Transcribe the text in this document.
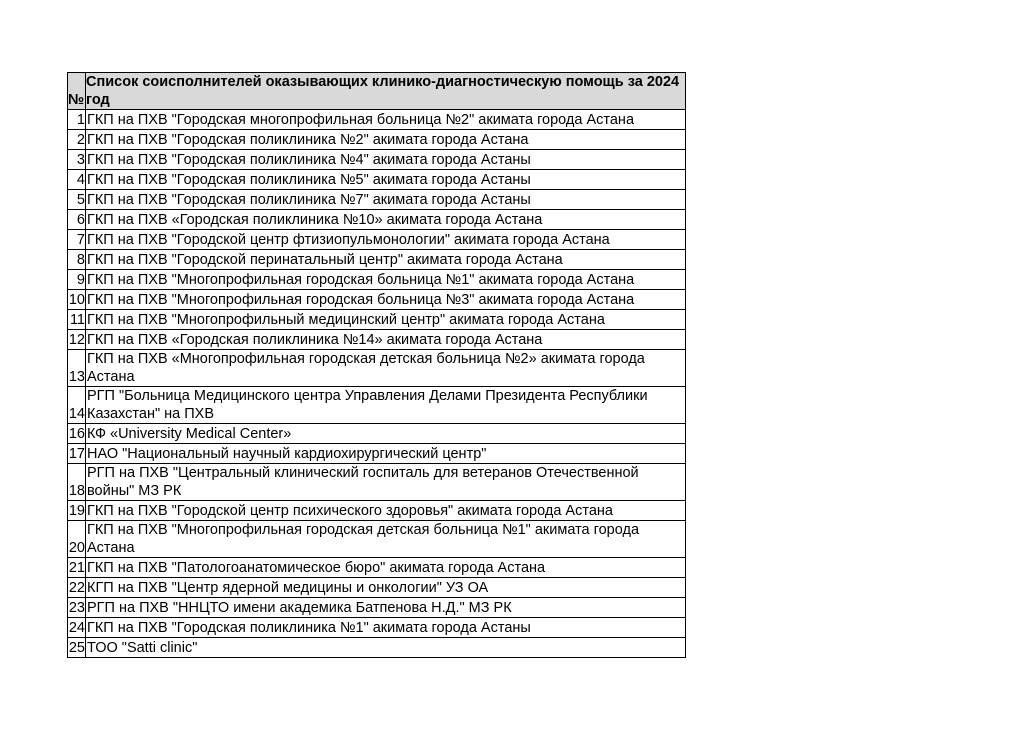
№	Список соисполнителей оказывающих клинико-диагностическую помощь за 2024 год
1	ГКП на ПХВ "Городская многопрофильная больница №2" акимата города Астана
2	ГКП на ПХВ "Городская поликлиника №2" акимата города Астана
3	ГКП на ПХВ "Городская поликлиника №4" акимата города Астаны
4	ГКП на ПХВ "Городская поликлиника №5" акимата города Астаны
5	ГКП на ПХВ "Городская поликлиника №7" акимата города Астаны
6	ГКП на ПХВ «Городская поликлиника №10» акимата города Астана
7	ГКП на ПХВ "Городской центр фтизиопульмонологии" акимата города Астана
8	ГКП на ПХВ "Городской перинатальный центр" акимата города Астана
9	ГКП на ПХВ "Многопрофильная городская больница №1" акимата города Астана
10	ГКП на ПХВ "Многопрофильная городская больница №3" акимата города Астана
11	ГКП на ПХВ "Многопрофильный медицинский центр" акимата города Астана
12	ГКП на ПХВ «Городская поликлиника №14» акимата города Астана
13	ГКП на ПХВ «Многопрофильная городская детская больница №2» акимата города Астана
14	РГП "Больница Медицинского центра Управления Делами Президента Республики Казахстан" на ПХВ
16	КФ «University Medical Center»
17	НАО "Национальный научный кардиохирургический центр"
18	РГП на ПХВ "Центральный клинический госпиталь для ветеранов Отечественной войны" МЗ РК
19	ГКП на ПХВ "Городской центр психического здоровья" акимата города Астана
20	ГКП на ПХВ "Многопрофильная городская детская больница №1" акимата города Астана
21	ГКП на ПХВ "Патологоанатомическое бюро" акимата города Астана
22	КГП на ПХВ "Центр ядерной медицины и онкологии" УЗ ОА
23	РГП на ПХВ "ННЦТО имени академика Батпенова Н.Д." МЗ РК
24	ГКП на ПХВ "Городская поликлиника №1" акимата города Астаны
25	ТОО "Satti clinic"
